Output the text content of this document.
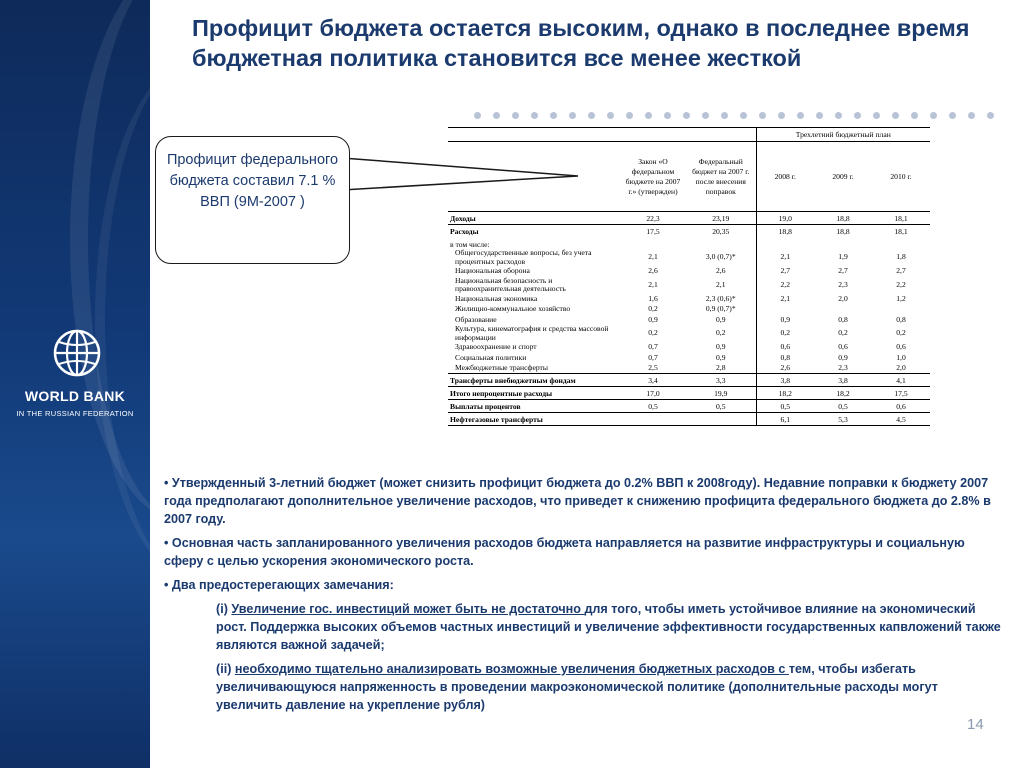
WORLD BANK
IN THE RUSSIAN FEDERATION
Профицит бюджета остается высоким, однако в последнее время бюджетная политика становится все менее жесткой
Профицит федерального бюджета составил 7.1 % ВВП (9М-2007 )
			Трехлетний бюджетный план		
	Закон «О федеральном бюджете на 2007 г.» (утвержден)	Федеральный бюджет на 2007 г. после внесения поправок	2008 г.	2009 г.	2010 г.
Доходы	22,3	23,19	19,0	18,8	18,1
Расходы	17,5	20,35	18,8	18,8	18,1
в том числе:					
Общегосударственные вопросы, без учета процентных расходов	2,1	3,0 (0,7)*	2,1	1,9	1,8
Национальная оборона	2,6	2,6	2,7	2,7	2,7
Национальная безопасность и правоохранительная деятельность	2,1	2,1	2,2	2,3	2,2
Национальная экономика	1,6	2,3 (0,6)*	2,1	2,0	1,2
Жилищно-коммунальное хозяйство	0,2	0,9 (0,7)*			
Образование	0,9	0,9	0,9	0,8	0,8
Культура, кинематография и средства массовой информации	0,2	0,2	0,2	0,2	0,2
Здравоохранение и спорт	0,7	0,9	0,6	0,6	0,6
Социальная политики	0,7	0,9	0,8	0,9	1,0
Межбюджетные трансферты	2,5	2,8	2,6	2,3	2,0
Трансферты внебюджетным фондам	3,4	3,3	3,8	3,8	4,1
Итого непроцентные расходы	17,0	19,9	18,2	18,2	17,5
Выплаты процентов	0,5	0,5	0,5	0,5	0,6
Нефтегазовые трансферты			6,1	5,3	4,5

• Утвержденный 3-летний бюджет (может снизить профицит бюджета до 0.2% ВВП к 2008году). Недавние поправки к бюджету 2007 года предполагают дополнительное увеличение расходов, что приведет к снижению профицита федерального бюджета до 2.8% в 2007 году.

• Основная часть запланированного увеличения расходов бюджета направляется на развитие инфраструктуры и социальную сферу с целью ускорения экономического роста.

• Два предостерегающих замечания:

(i) Увеличение гос. инвестиций может быть не достаточно для того, чтобы иметь устойчивое влияние на экономический рост. Поддержка высоких объемов частных инвестиций и увеличение эффективности государственных капвложений также являются важной задачей;

(ii) необходимо тщательно анализировать возможные увеличения бюджетных расходов с тем, чтобы избегать увеличивающуюся напряженность в проведении макроэкономической политике (дополнительные расходы могут увеличить давление на укрепление рубля)

14
